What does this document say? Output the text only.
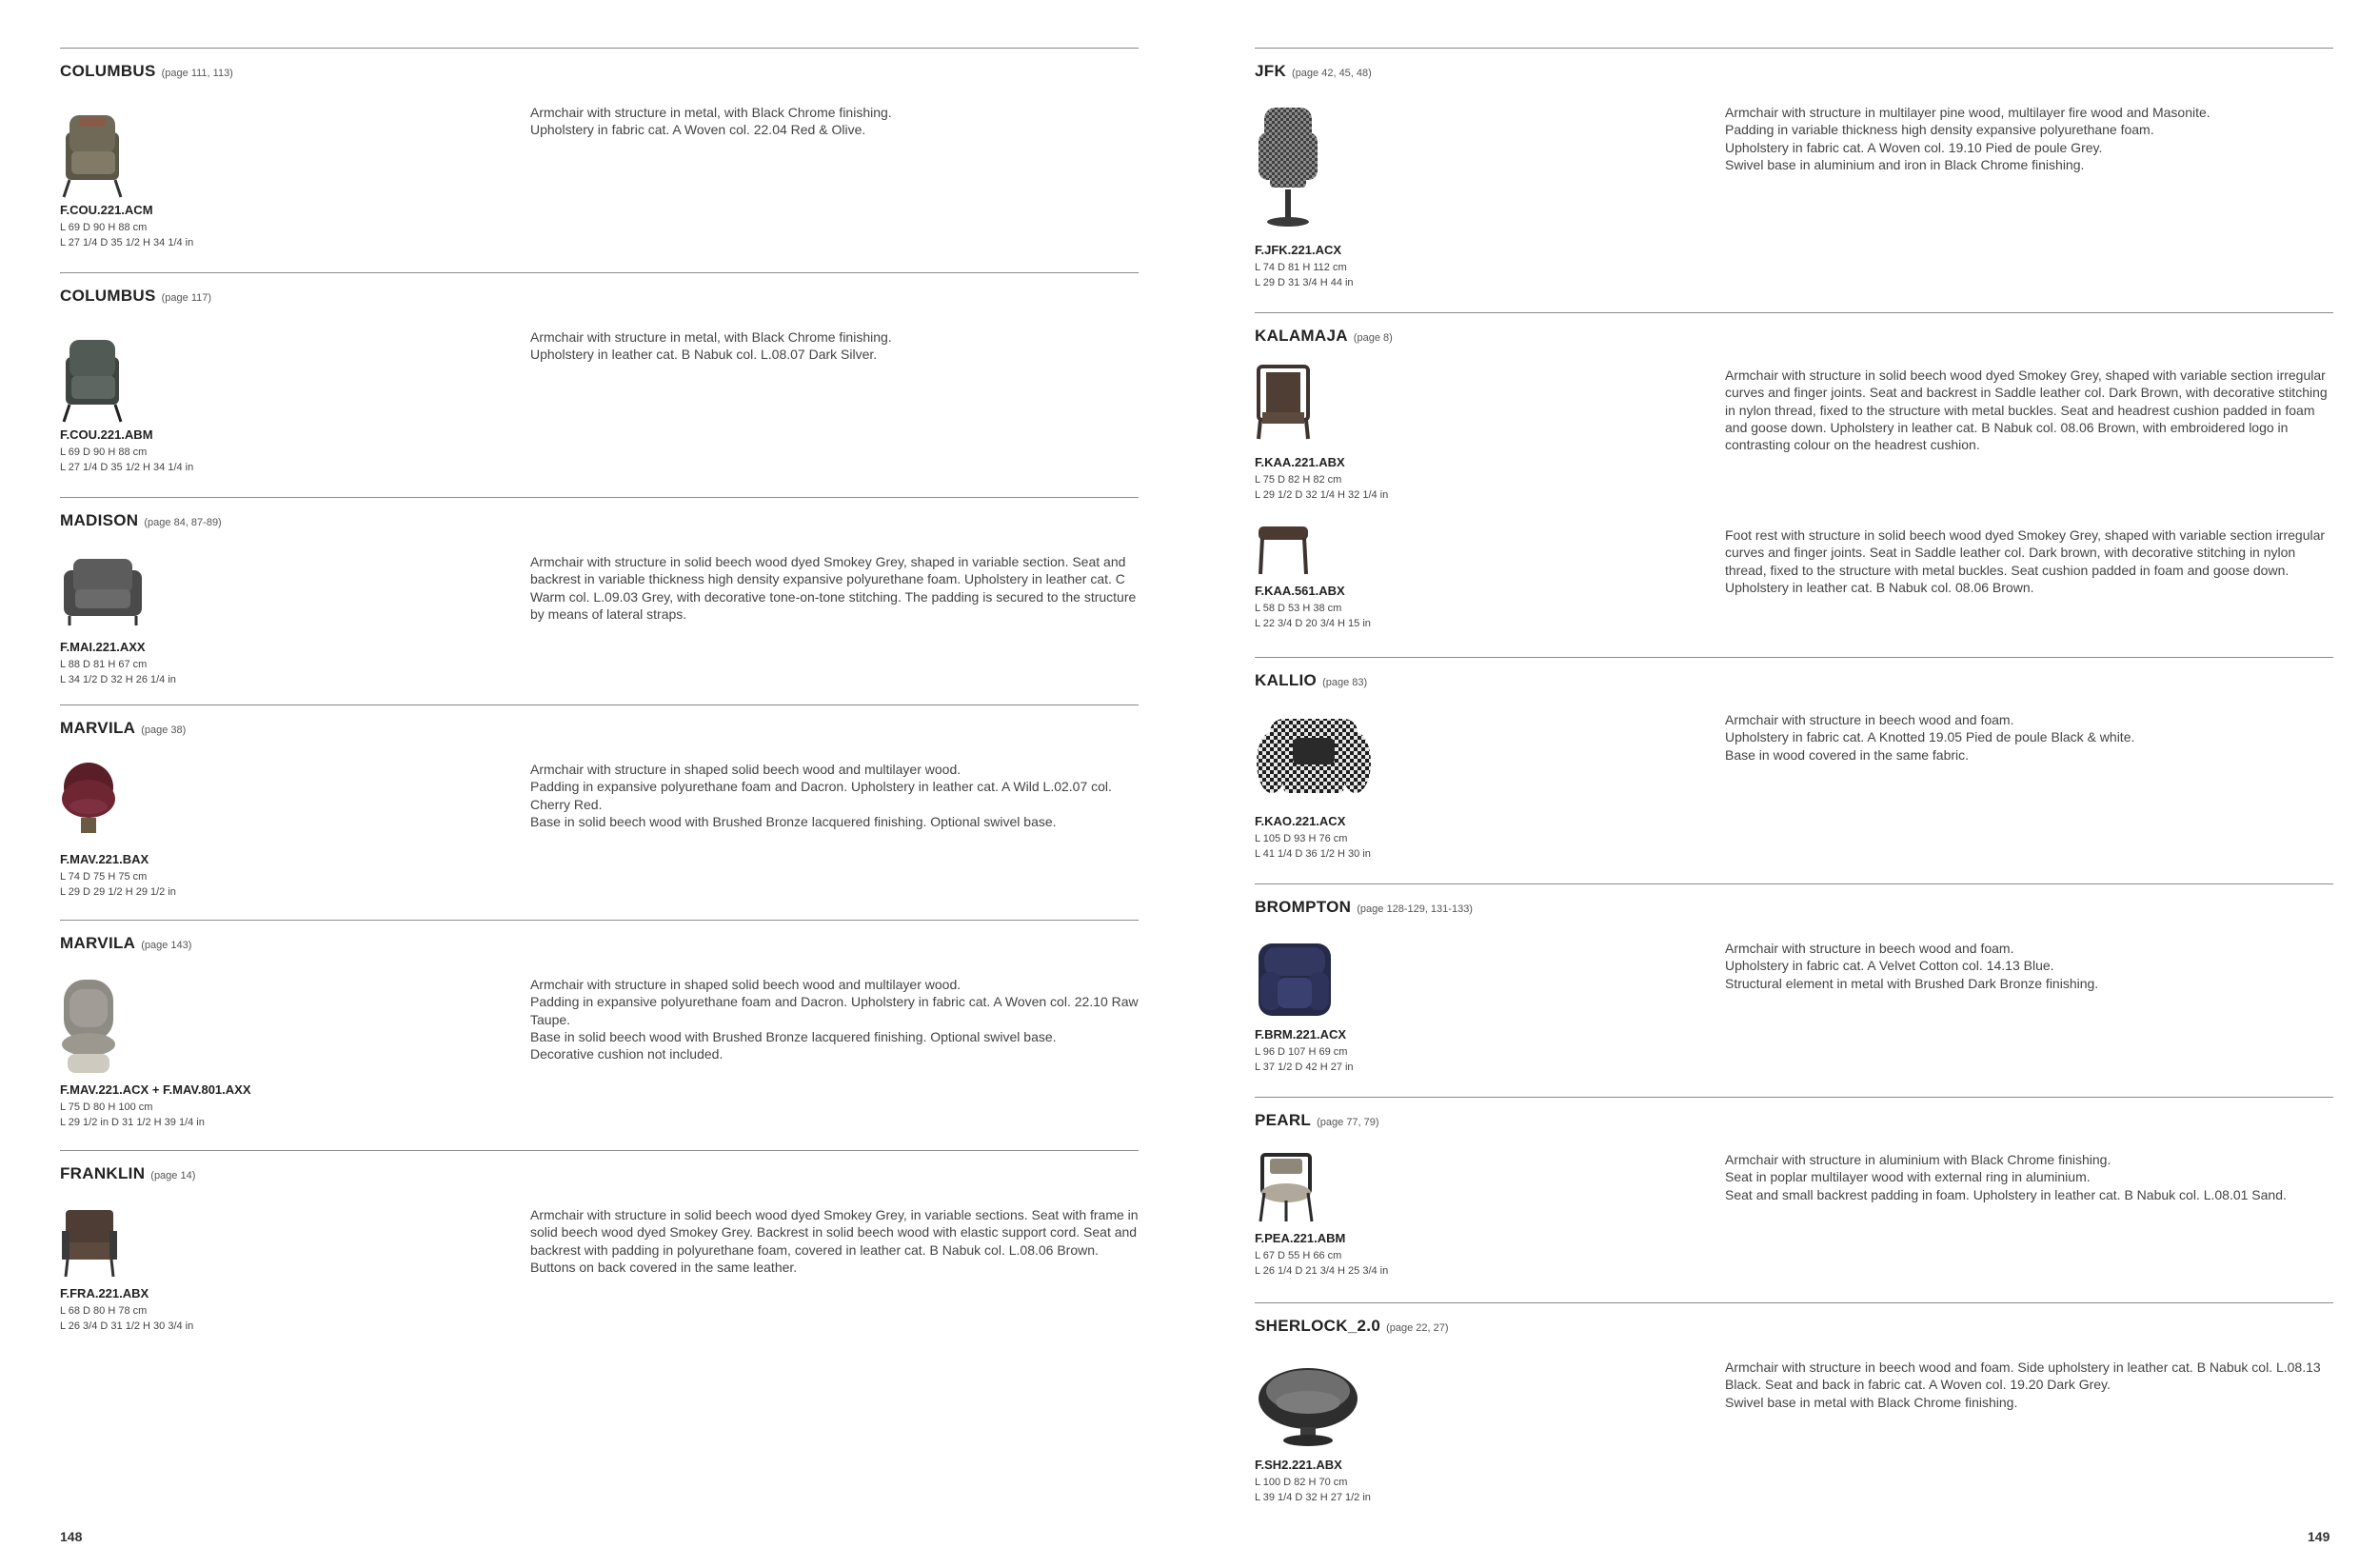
COLUMBUS (page 111, 113)
F.COU.221.ACM
L 69 D 90 H 88 cm
L 27 1/4 D 35 1/2 H 34 1/4 in

Armchair with structure in metal, with Black Chrome finishing.

Upholstery in fabric cat. A Woven col. 22.04 Red & Olive.

COLUMBUS (page 117)
F.COU.221.ABM
L 69 D 90 H 88 cm
L 27 1/4 D 35 1/2 H 34 1/4 in

Armchair with structure in metal, with Black Chrome finishing.

Upholstery in leather cat. B Nabuk col. L.08.07 Dark Silver.

MADISON (page 84, 87-89)
F.MAI.221.AXX
L 88 D 81 H 67 cm
L 34 1/2 D 32 H 26 1/4 in

Armchair with structure in solid beech wood dyed Smokey Grey, shaped in variable section. Seat and backrest in variable thickness high density expansive polyurethane foam. Upholstery in leather cat. C Warm col. L.09.03 Grey, with decorative tone-on-tone stitching. The padding is secured to the structure by means of lateral straps.

MARVILA (page 38)
F.MAV.221.BAX
L 74 D 75 H 75 cm
L 29 D 29 1/2 H 29 1/2 in

Armchair with structure in shaped solid beech wood and multilayer wood.

Padding in expansive polyurethane foam and Dacron. Upholstery in leather cat. A Wild L.02.07 col. Cherry Red.

Base in solid beech wood with Brushed Bronze lacquered finishing. Optional swivel base.

MARVILA (page 143)
F.MAV.221.ACX + F.MAV.801.AXX
L 75 D 80 H 100 cm
L 29 1/2 in D 31 1/2 H 39 1/4 in

Armchair with structure in shaped solid beech wood and multilayer wood.

Padding in expansive polyurethane foam and Dacron. Upholstery in fabric cat. A Woven col. 22.10 Raw Taupe.

Base in solid beech wood with Brushed Bronze lacquered finishing. Optional swivel base.

Decorative cushion not included.

FRANKLIN (page 14)
F.FRA.221.ABX
L 68 D 80 H 78 cm
L 26 3/4 D 31 1/2 H 30 3/4 in

Armchair with structure in solid beech wood dyed Smokey Grey, in variable sections. Seat with frame in solid beech wood dyed Smokey Grey. Backrest in solid beech wood with elastic support cord. Seat and backrest with padding in polyurethane foam, covered in leather cat. B Nabuk col. L.08.06 Brown. Buttons on back covered in the same leather.

148
JFK (page 42, 45, 48)
F.JFK.221.ACX
L 74 D 81 H 112 cm
L 29 D 31 3/4 H 44 in

Armchair with structure in multilayer pine wood, multilayer fire wood and Masonite.

Padding in variable thickness high density expansive polyurethane foam.

Upholstery in fabric cat. A Woven col. 19.10 Pied de poule Grey.

Swivel base in aluminium and iron in Black Chrome finishing.

KALAMAJA (page 8)
F.KAA.221.ABX
L 75 D 82 H 82 cm
L 29 1/2 D 32 1/4 H 32 1/4 in

Armchair with structure in solid beech wood dyed Smokey Grey, shaped with variable section irregular curves and finger joints. Seat and backrest in Saddle leather col. Dark Brown, with decorative stitching in nylon thread, fixed to the structure with metal buckles. Seat and headrest cushion padded in foam and goose down. Upholstery in leather cat. B Nabuk col. 08.06 Brown, with embroidered logo in contrasting colour on the headrest cushion.

F.KAA.561.ABX
L 58 D 53 H 38 cm
L 22 3/4 D 20 3/4 H 15 in

Foot rest with structure in solid beech wood dyed Smokey Grey, shaped with variable section irregular curves and finger joints. Seat in Saddle leather col. Dark brown, with decorative stitching in nylon thread, fixed to the structure with metal buckles. Seat cushion padded in foam and goose down. Upholstery in leather cat. B Nabuk col. 08.06 Brown.

KALLIO (page 83)
F.KAO.221.ACX
L 105 D 93 H 76 cm
L 41 1/4 D 36 1/2 H 30 in

Armchair with structure in beech wood and foam.

Upholstery in fabric cat. A Knotted 19.05 Pied de poule Black & white.

Base in wood covered in the same fabric.

BROMPTON (page 128-129, 131-133)
F.BRM.221.ACX
L 96 D 107 H 69 cm
L 37 1/2 D 42 H 27 in

Armchair with structure in beech wood and foam.

Upholstery in fabric cat. A Velvet Cotton col. 14.13 Blue.

Structural element in metal with Brushed Dark Bronze finishing.

PEARL (page 77, 79)
F.PEA.221.ABM
L 67 D 55 H 66 cm
L 26 1/4 D 21 3/4 H 25 3/4 in

Armchair with structure in aluminium with Black Chrome finishing.

Seat in poplar multilayer wood with external ring in aluminium.

Seat and small backrest padding in foam. Upholstery in leather cat. B Nabuk col. L.08.01 Sand.

SHERLOCK_2.0 (page 22, 27)
F.SH2.221.ABX
L 100 D 82 H 70 cm
L 39 1/4 D 32 H 27 1/2 in

Armchair with structure in beech wood and foam. Side upholstery in leather cat. B Nabuk col. L.08.13 Black. Seat and back in fabric cat. A Woven col. 19.20 Dark Grey.

Swivel base in metal with Black Chrome finishing.

149
